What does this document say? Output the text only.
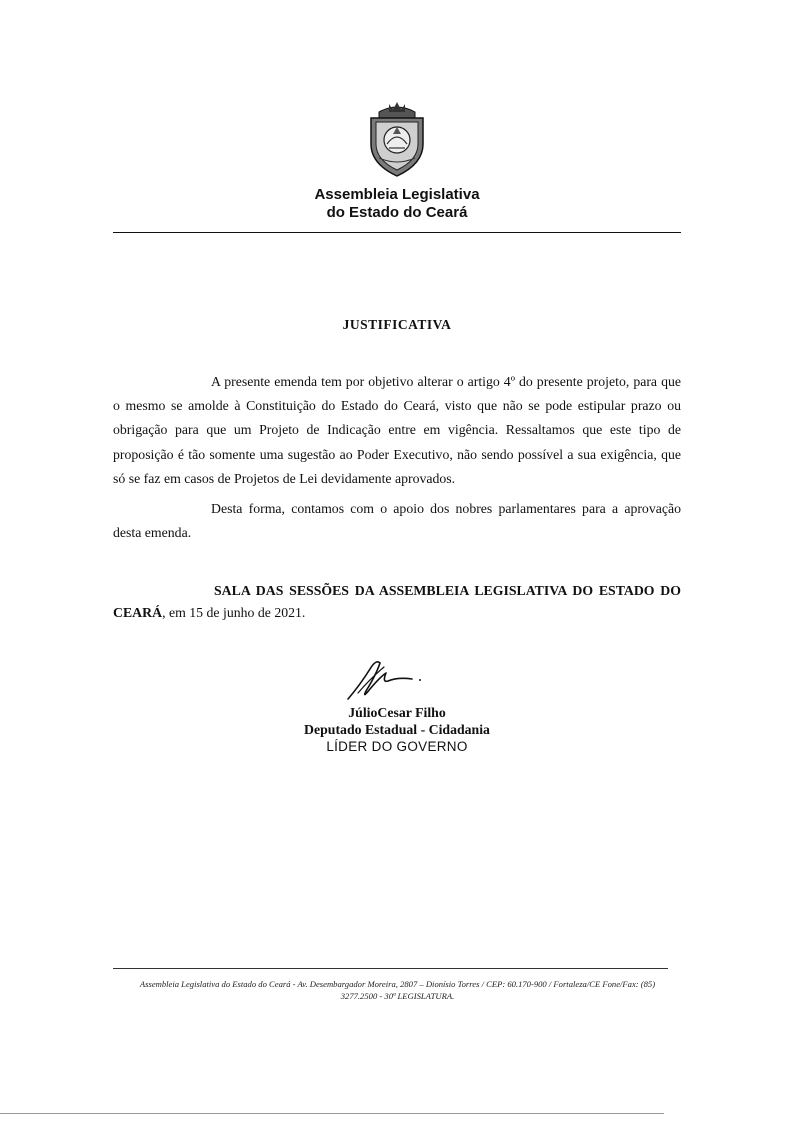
Assembleia Legislativa
do Estado do Ceará
JUSTIFICATIVA

A presente emenda tem por objetivo alterar o artigo 4º do presente projeto, para que o mesmo se amolde à Constituição do Estado do Ceará, visto que não se pode estipular prazo ou obrigação para que um Projeto de Indicação entre em vigência. Ressaltamos que este tipo de proposição é tão somente uma sugestão ao Poder Executivo, não sendo possível a sua exigência, que só se faz em casos de Projetos de Lei devidamente aprovados.

Desta forma, contamos com o apoio dos nobres parlamentares para a aprovação desta emenda.

SALA DAS SESSÕES DA ASSEMBLEIA LEGISLATIVA DO ESTADO DO CEARÁ, em 15 de junho de 2021.
JúlioCesar Filho
Deputado Estadual - Cidadania
LÍDER DO GOVERNO
Assembleia Legislativa do Estado do Ceará - Av. Desembargador Moreira, 2807 – Dionísio Torres / CEP: 60.170-900 / Fortaleza/CE Fone/Fax: (85)
3277.2500 - 30ª LEGISLATURA.
